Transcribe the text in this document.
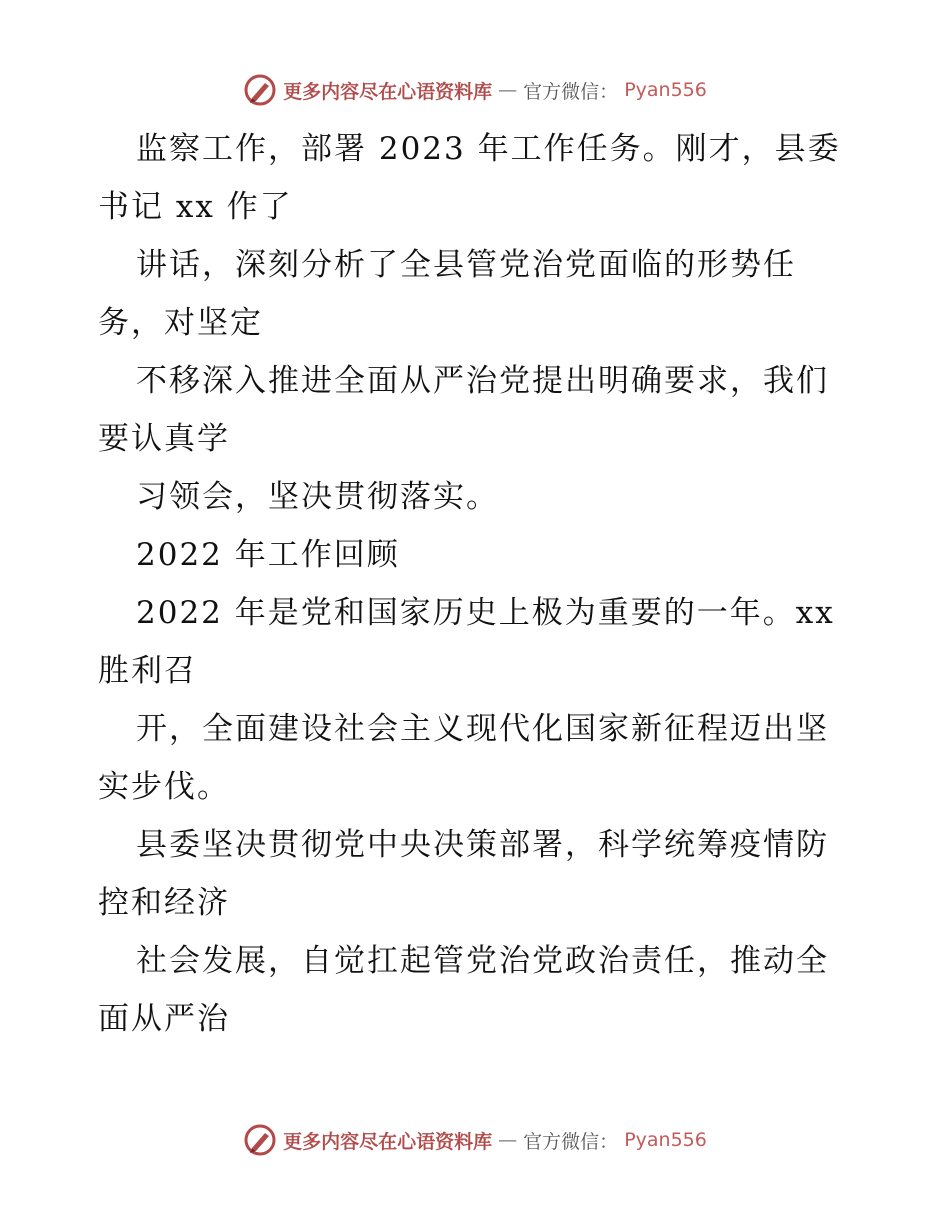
更多内容尽在心语资料库 — 官方微信： Pyan556
监察工作，部署 2023 年工作任务。刚才，县委
书记 xx 作了
讲话，深刻分析了全县管党治党面临的形势任
务，对坚定
不移深入推进全面从严治党提出明确要求，我们
要认真学
习领会，坚决贯彻落实。
2022 年工作回顾
2022 年是党和国家历史上极为重要的一年。xx
胜利召
开，全面建设社会主义现代化国家新征程迈出坚
实步伐。
县委坚决贯彻党中央决策部署，科学统筹疫情防
控和经济
社会发展，自觉扛起管党治党政治责任，推动全
面从严治
更多内容尽在心语资料库 — 官方微信： Pyan556
